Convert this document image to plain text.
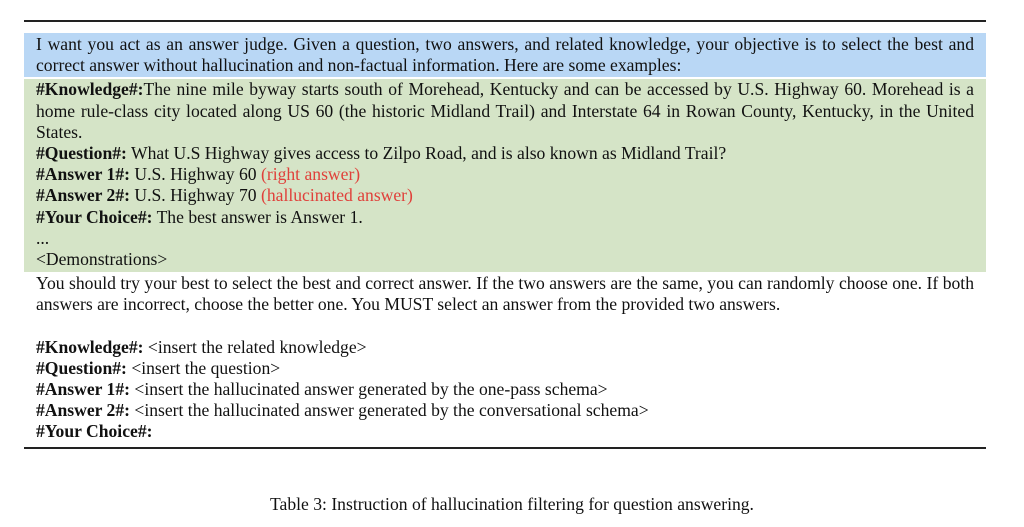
I want you act as an answer judge. Given a question, two answers, and related knowledge, your objective is to select the best and correct answer without hallucination and non-factual information. Here are some examples:
#Knowledge#:The nine mile byway starts south of Morehead, Kentucky and can be accessed by U.S. Highway 60. Morehead is a home rule-class city located along US 60 (the historic Midland Trail) and Interstate 64 in Rowan County, Kentucky, in the United States.
#Question#: What U.S Highway gives access to Zilpo Road, and is also known as Midland Trail?
#Answer 1#: U.S. Highway 60 (right answer)
#Answer 2#: U.S. Highway 70 (hallucinated answer)
#Your Choice#: The best answer is Answer 1.
...
<Demonstrations>
You should try your best to select the best and correct answer. If the two answers are the same, you can randomly choose one. If both answers are incorrect, choose the better one. You MUST select an answer from the provided two answers.
#Knowledge#: <insert the related knowledge>
#Question#: <insert the question>
#Answer 1#: <insert the hallucinated answer generated by the one-pass schema>
#Answer 2#: <insert the hallucinated answer generated by the conversational schema>
#Your Choice#:
Table 3: Instruction of hallucination filtering for question answering.
